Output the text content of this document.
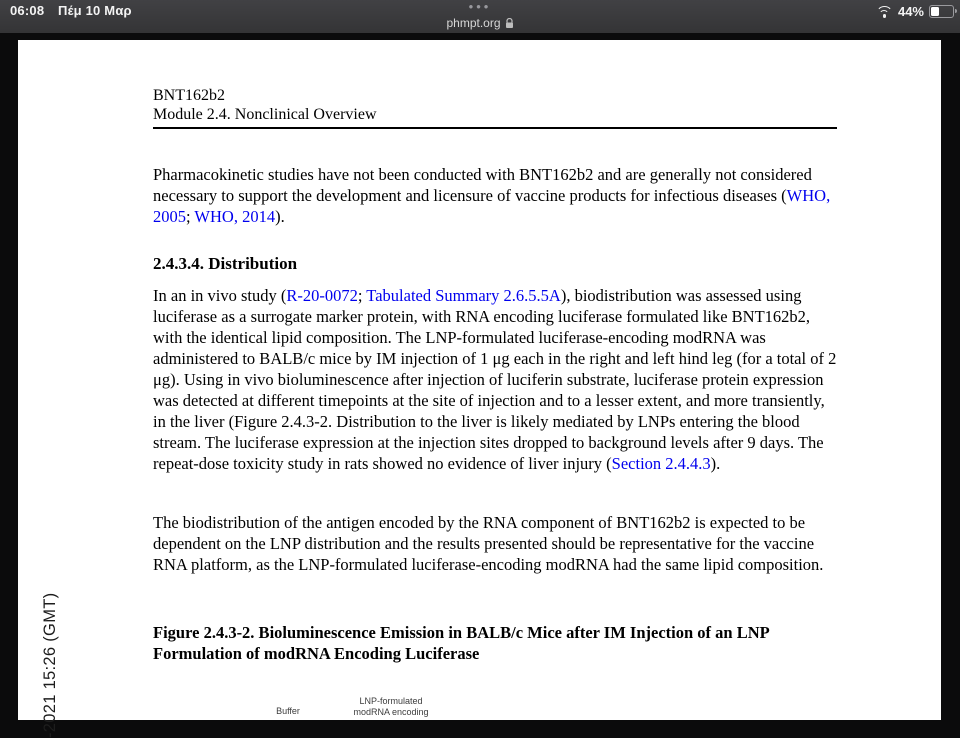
06:08 Πέμ 10 Μαρ	•••
phmpt.org
44%
BNT162b2
Module 2.4. Nonclinical Overview

Pharmacokinetic studies have not been conducted with BNT162b2 and are generally not considered necessary to support the development and licensure of vaccine products for infectious diseases (WHO, 2005; WHO, 2014).

2.4.3.4. Distribution

In an in vivo study (R-20-0072; Tabulated Summary 2.6.5.5A), biodistribution was assessed using luciferase as a surrogate marker protein, with RNA encoding luciferase formulated like BNT162b2, with the identical lipid composition. The LNP-formulated luciferase-encoding modRNA was administered to BALB/c mice by IM injection of 1 μg each in the right and left hind leg (for a total of 2 μg). Using in vivo bioluminescence after injection of luciferin substrate, luciferase protein expression was detected at different timepoints at the site of injection and to a lesser extent, and more transiently, in the liver (Figure 2.4.3-2. Distribution to the liver is likely mediated by LNPs entering the blood stream. The luciferase expression at the injection sites dropped to background levels after 9 days. The repeat-dose toxicity study in rats showed no evidence of liver injury (Section 2.4.4.3).

The biodistribution of the antigen encoded by the RNA component of BNT162b2 is expected to be dependent on the LNP distribution and the results presented should be representative for the vaccine RNA platform, as the LNP-formulated luciferase-encoding modRNA had the same lipid composition.

Figure 2.4.3-2. Bioluminescence Emission in BALB/c Mice after IM Injection of an LNP Formulation of modRNA Encoding Luciferase

Buffer
LNP-formulated
modRNA encoding
-2021 15:26 (GMT)
